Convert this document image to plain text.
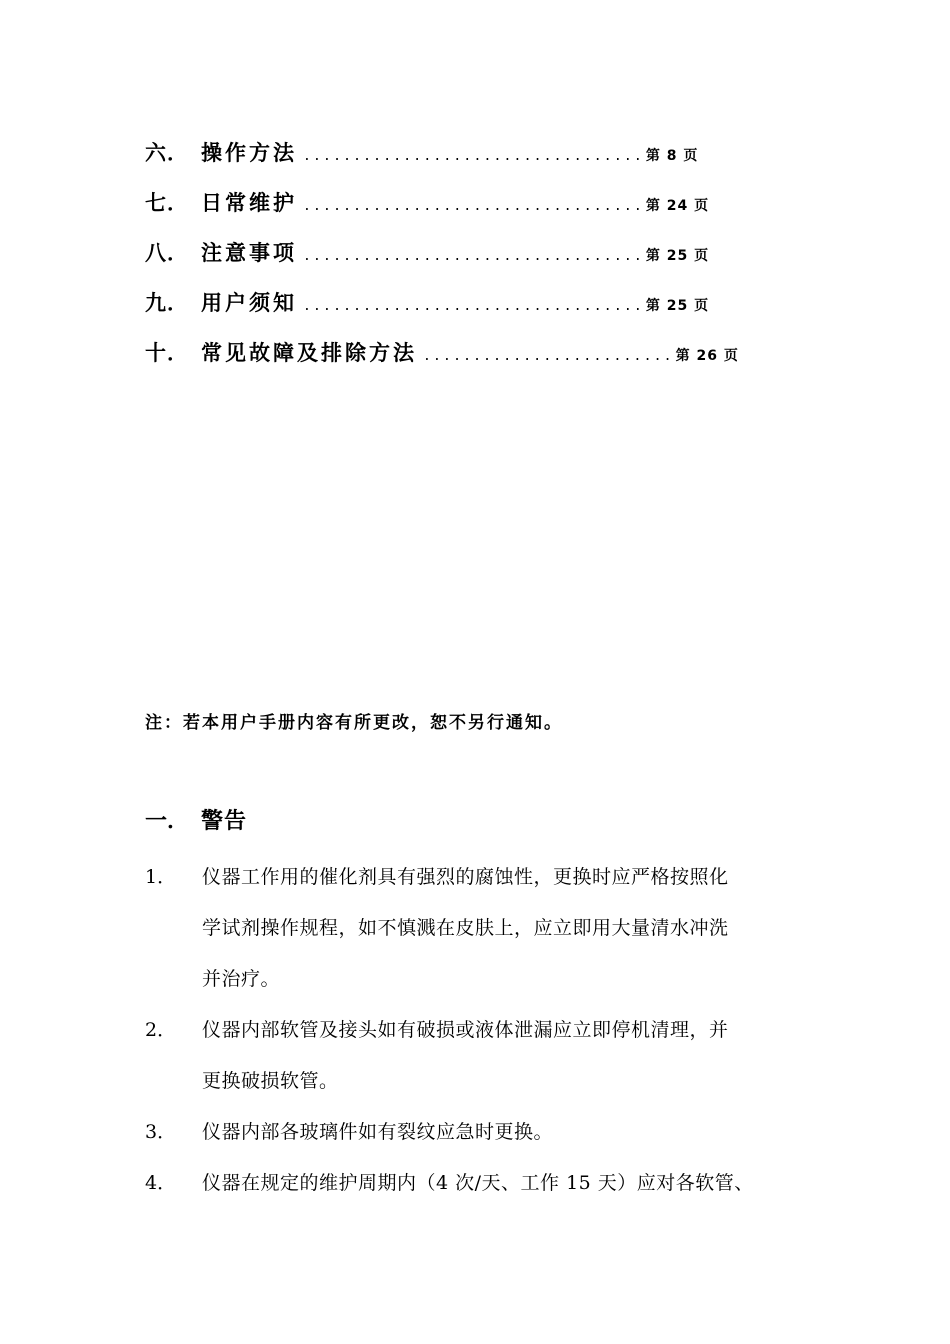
六． 操作方法 .................................. 第 8 页
七． 日常维护 .................................. 第 24 页
八． 注意事项 .................................. 第 25 页
九． 用户须知 .................................. 第 25 页
十． 常见故障及排除方法 ......................... 第 26 页
注：若本用户手册内容有所更改，恕不另行通知。
一． 警告
1．	仪器工作用的催化剂具有强烈的腐蚀性，更换时应严格按照化
学试剂操作规程，如不慎溅在皮肤上，应立即用大量清水冲洗
并治疗。
2．	仪器内部软管及接头如有破损或液体泄漏应立即停机清理，并
更换破损软管。
3．	仪器内部各玻璃件如有裂纹应急时更换。
4．	仪器在规定的维护周期内（4 次/天、工作 15 天）应对各软管、
